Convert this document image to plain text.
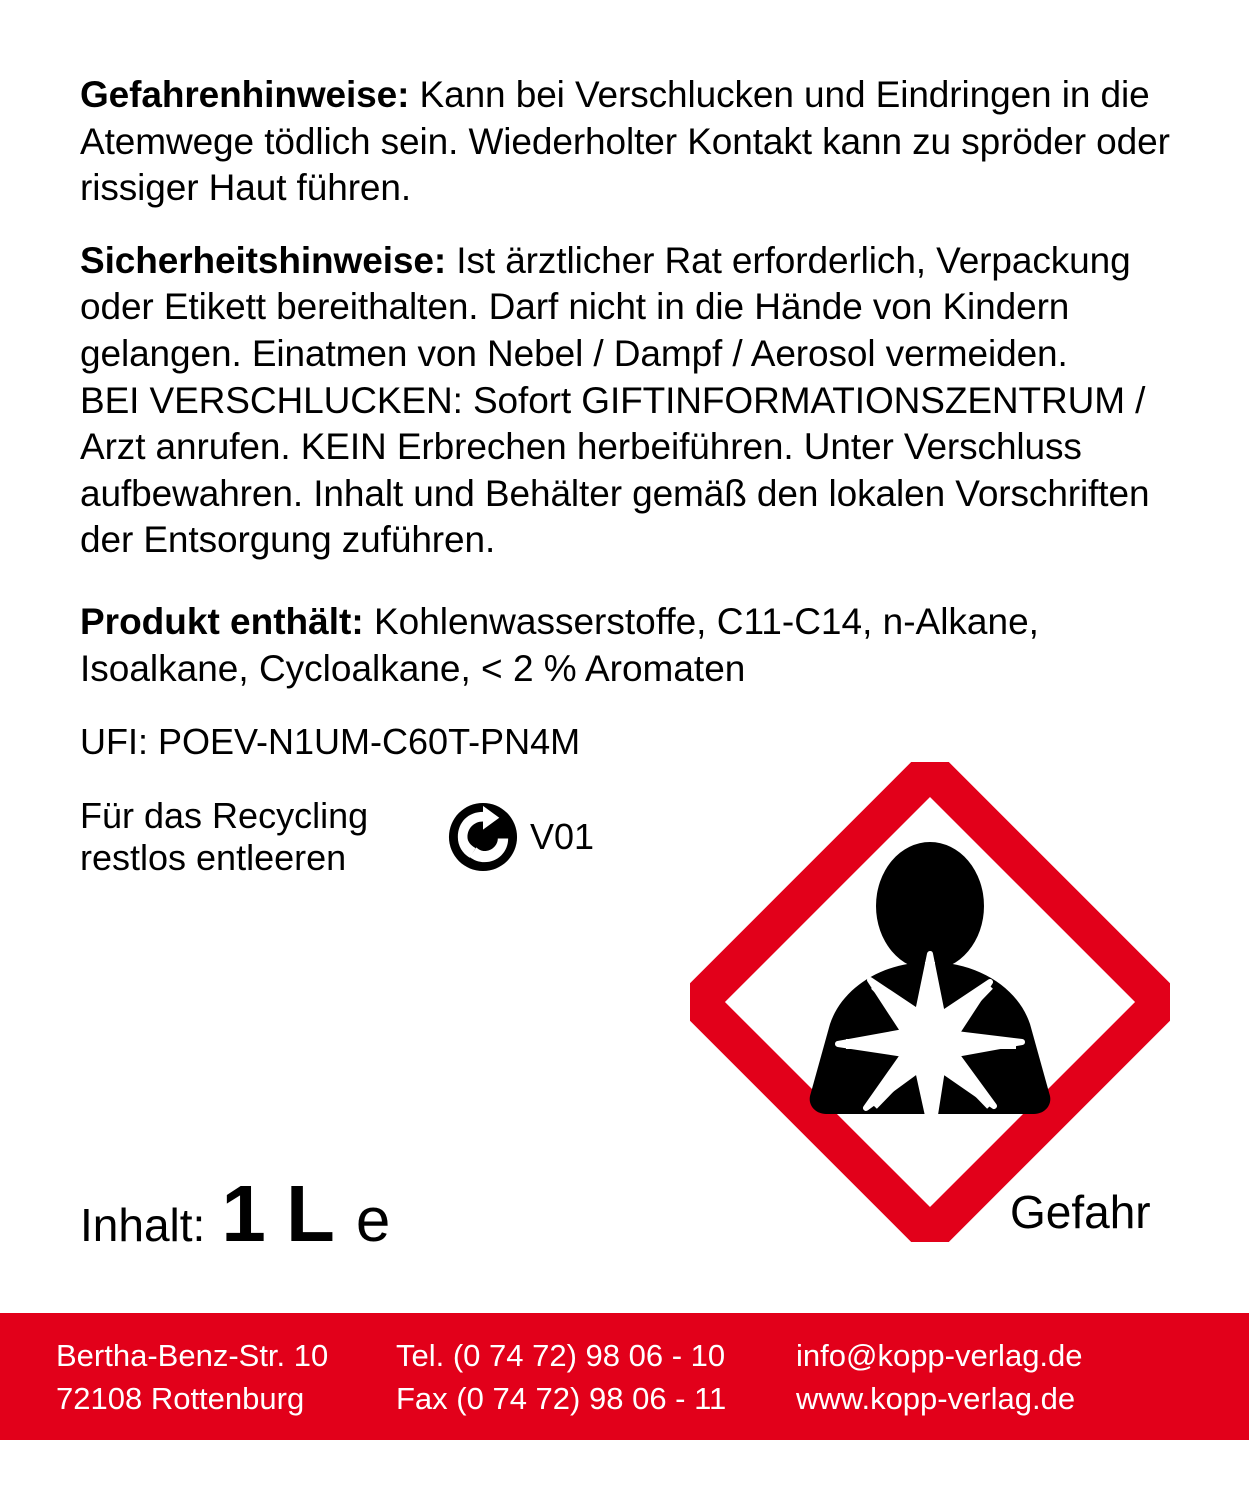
Gefahrenhinweise: Kann bei Verschlucken und Eindringen in die Atemwege tödlich sein. Wiederholter Kontakt kann zu spröder oder rissiger Haut führen.
Sicherheitshinweise: Ist ärztlicher Rat erforderlich, Verpackung oder Etikett bereithalten. Darf nicht in die Hände von Kindern gelangen. Einatmen von Nebel / Dampf / Aerosol vermeiden.
BEI VERSCHLUCKEN: Sofort GIFTINFORMATIONSZENTRUM / Arzt anrufen. KEIN Erbrechen herbeiführen. Unter Verschluss aufbewahren. Inhalt und Behälter gemäß den lokalen Vorschriften der Entsorgung zuführen.
Produkt enthält: Kohlenwasserstoffe, C11-C14, n-Alkane, Isoalkane, Cycloalkane, < 2 % Aromaten
UFI: POEV-N1UM-C60T-PN4M
Für das Recycling
restlos entleeren
V01
Inhalt: 1 L e	Gefahr
Bertha-Benz-Str. 10
72108 Rottenburg
Tel. (0 74 72) 98 06 - 10
Fax (0 74 72) 98 06 - 11
info@kopp-verlag.de
www.kopp-verlag.de
